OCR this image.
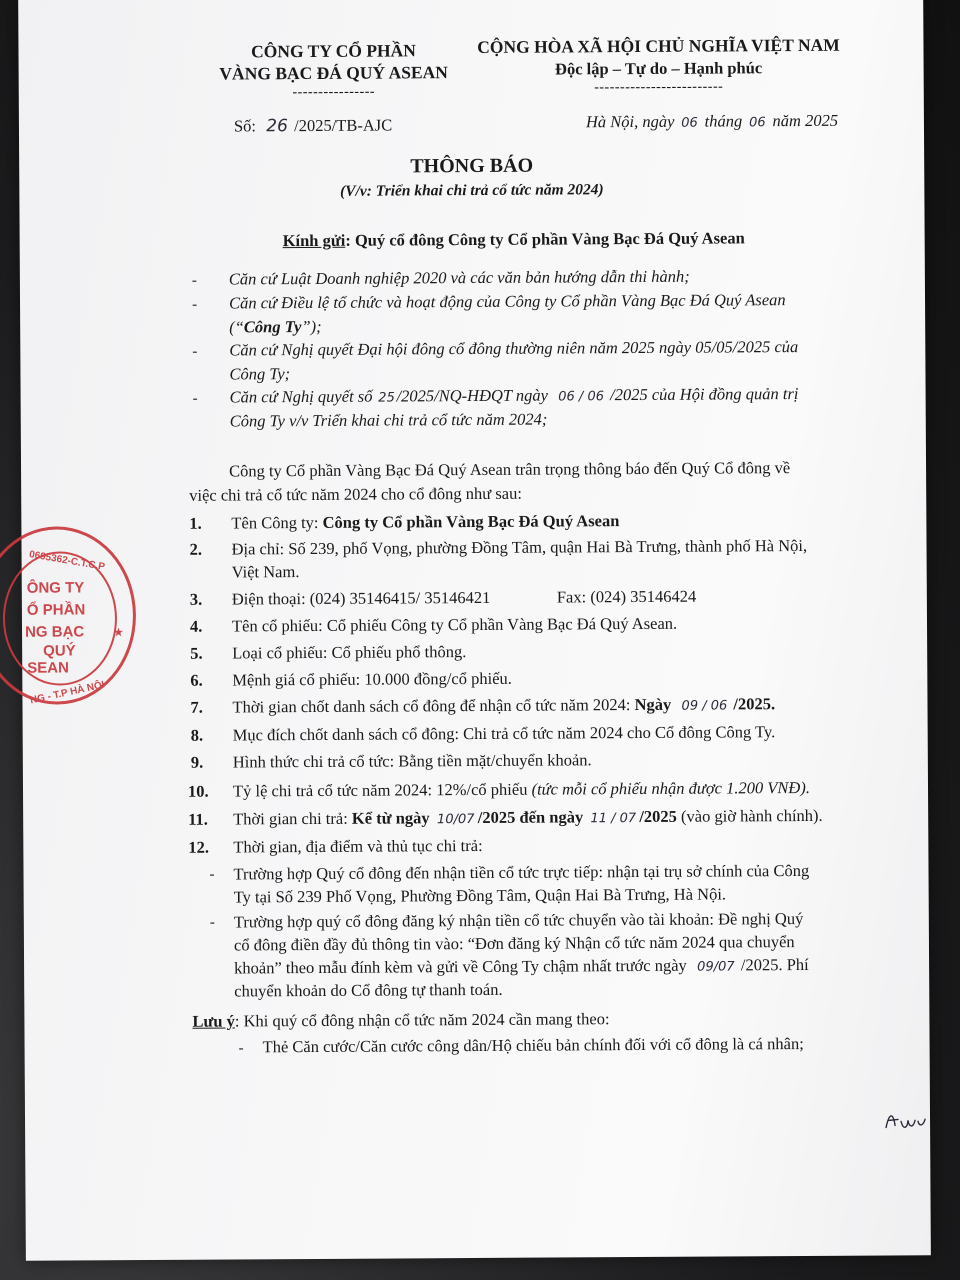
CÔNG TY CỔ PHẦN
VÀNG BẠC ĐÁ QUÝ ASEAN
----------------
CỘNG HÒA XÃ HỘI CHỦ NGHĨA VIỆT NAM
Độc lập – Tự do – Hạnh phúc
-------------------------
Số: 26 /2025/TB-AJC	Hà Nội, ngày 06 tháng 06 năm 2025
THÔNG BÁO
(V/v: Triển khai chi trả cổ tức năm 2024)
Kính gửi: Quý cổ đông Công ty Cổ phần Vàng Bạc Đá Quý Asean
- Căn cứ Luật Doanh nghiệp 2020 và các văn bản hướng dẫn thi hành;
- Căn cứ Điều lệ tổ chức và hoạt động của Công ty Cổ phần Vàng Bạc Đá Quý Asean
(“Công Ty”);
- Căn cứ Nghị quyết Đại hội đông cổ đông thường niên năm 2025 ngày 05/05/2025 của
Công Ty;
- Căn cứ Nghị quyết số 25/2025/NQ-HĐQT ngày 06 / 06 /2025 của Hội đồng quản trị
Công Ty v/v Triển khai chi trả cổ tức năm 2024;
Công ty Cổ phần Vàng Bạc Đá Quý Asean trân trọng thông báo đến Quý Cổ đông về
việc chi trả cổ tức năm 2024 cho cổ đông như sau:
1. Tên Công ty: Công ty Cổ phần Vàng Bạc Đá Quý Asean
2. Địa chỉ: Số 239, phố Vọng, phường Đồng Tâm, quận Hai Bà Trưng, thành phố Hà Nội,
Việt Nam.
3. Điện thoại: (024) 35146415/ 35146421	Fax: (024) 35146424
4. Tên cổ phiếu: Cổ phiếu Công ty Cổ phần Vàng Bạc Đá Quý Asean.
5. Loại cổ phiếu: Cổ phiếu phổ thông.
6. Mệnh giá cổ phiếu: 10.000 đồng/cổ phiếu.
7. Thời gian chốt danh sách cổ đông để nhận cổ tức năm 2024: Ngày 09 / 06 /2025.
8. Mục đích chốt danh sách cổ đông: Chi trả cổ tức năm 2024 cho Cổ đông Công Ty.
9. Hình thức chi trả cổ tức: Bằng tiền mặt/chuyển khoản.
10. Tỷ lệ chi trả cổ tức năm 2024: 12%/cổ phiếu (tức mỗi cổ phiếu nhận được 1.200 VNĐ).
11. Thời gian chi trả: Kể từ ngày 10/07 /2025 đến ngày 11 / 07 /2025 (vào giờ hành chính).
12. Thời gian, địa điểm và thủ tục chi trả:
- Trường hợp Quý cổ đông đến nhận tiền cổ tức trực tiếp: nhận tại trụ sở chính của Công
Ty tại Số 239 Phố Vọng, Phường Đồng Tâm, Quận Hai Bà Trưng, Hà Nội.
- Trường hợp quý cổ đông đăng ký nhận tiền cổ tức chuyển vào tài khoản: Đề nghị Quý
cổ đông điền đầy đủ thông tin vào: “Đơn đăng ký Nhận cổ tức năm 2024 qua chuyển
khoản” theo mẫu đính kèm và gửi về Công Ty chậm nhất trước ngày 09/07 /2025. Phí
chuyển khoản do Cổ đông tự thanh toán.
Lưu ý: Khi quý cổ đông nhận cổ tức năm 2024 cần mang theo:
- Thẻ Căn cước/Căn cước công dân/Hộ chiếu bản chính đối với cổ đông là cá nhân;
0695362-C.T.C.P
ÔNG TY
Ổ PHẦN
NG BẠC
QUÝ
SEAN
NG - T.P HÀ NỘI
★
